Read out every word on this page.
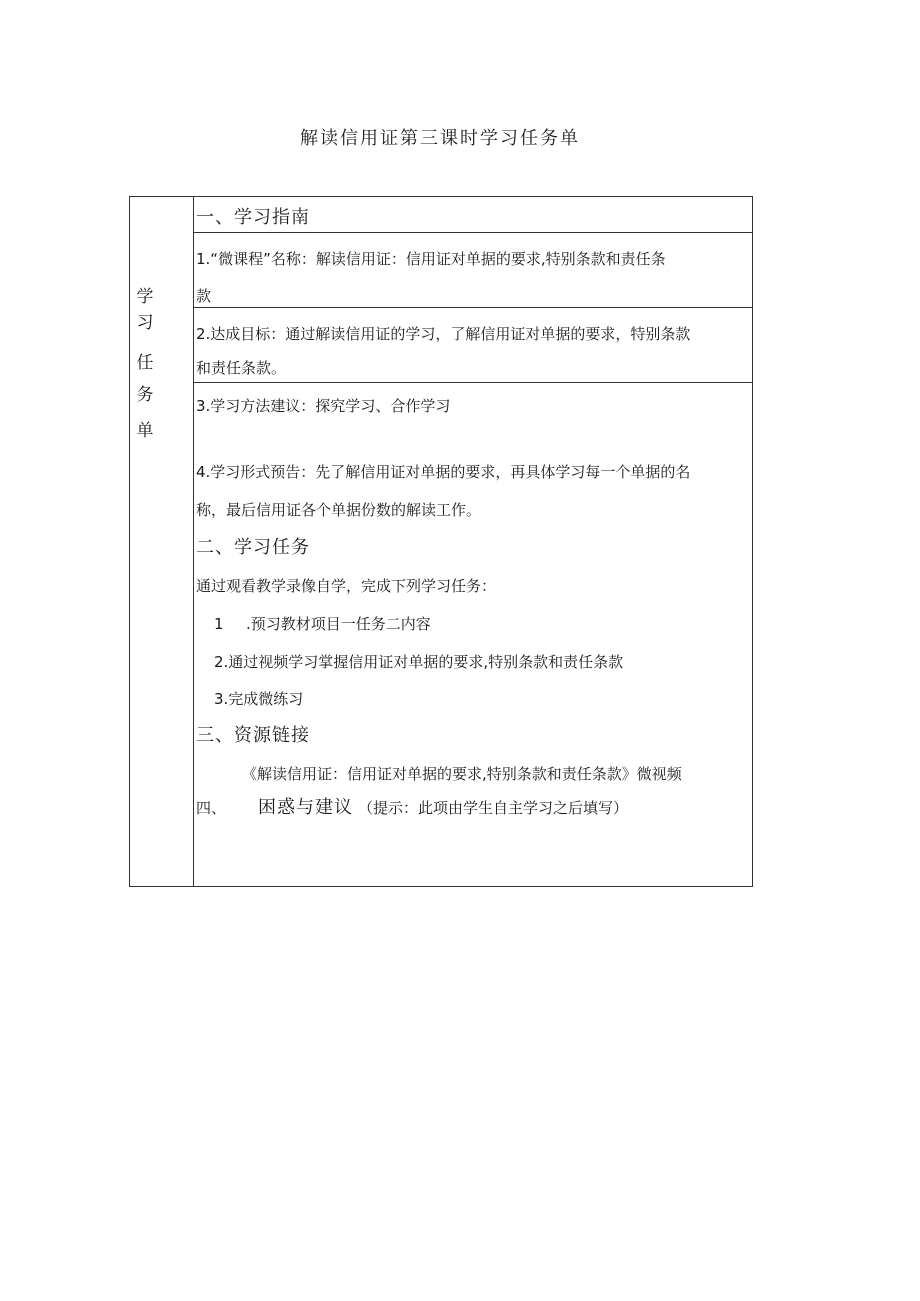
解读信用证第三课时学习任务单
学
习
任
务
单
一、学习指南
1.“微课程”名称：解读信用证：信用证对单据的要求,特别条款和责任条
款
2.达成目标：通过解读信用证的学习，了解信用证对单据的要求，特别条款
和责任条款。
3.学习方法建议：探究学习、合作学习
4.学习形式预告：先了解信用证对单据的要求，再具体学习每一个单据的名
称，最后信用证各个单据份数的解读工作。
二、学习任务
通过观看教学录像自学，完成下列学习任务：
1 .预习教材项目一任务二内容
2.通过视频学习掌握信用证对单据的要求,特别条款和责任条款
3.完成微练习
三、资源链接
《解读信用证：信用证对单据的要求,特别条款和责任条款》微视频
四、 困惑与建议 （提示：此项由学生自主学习之后填写）
